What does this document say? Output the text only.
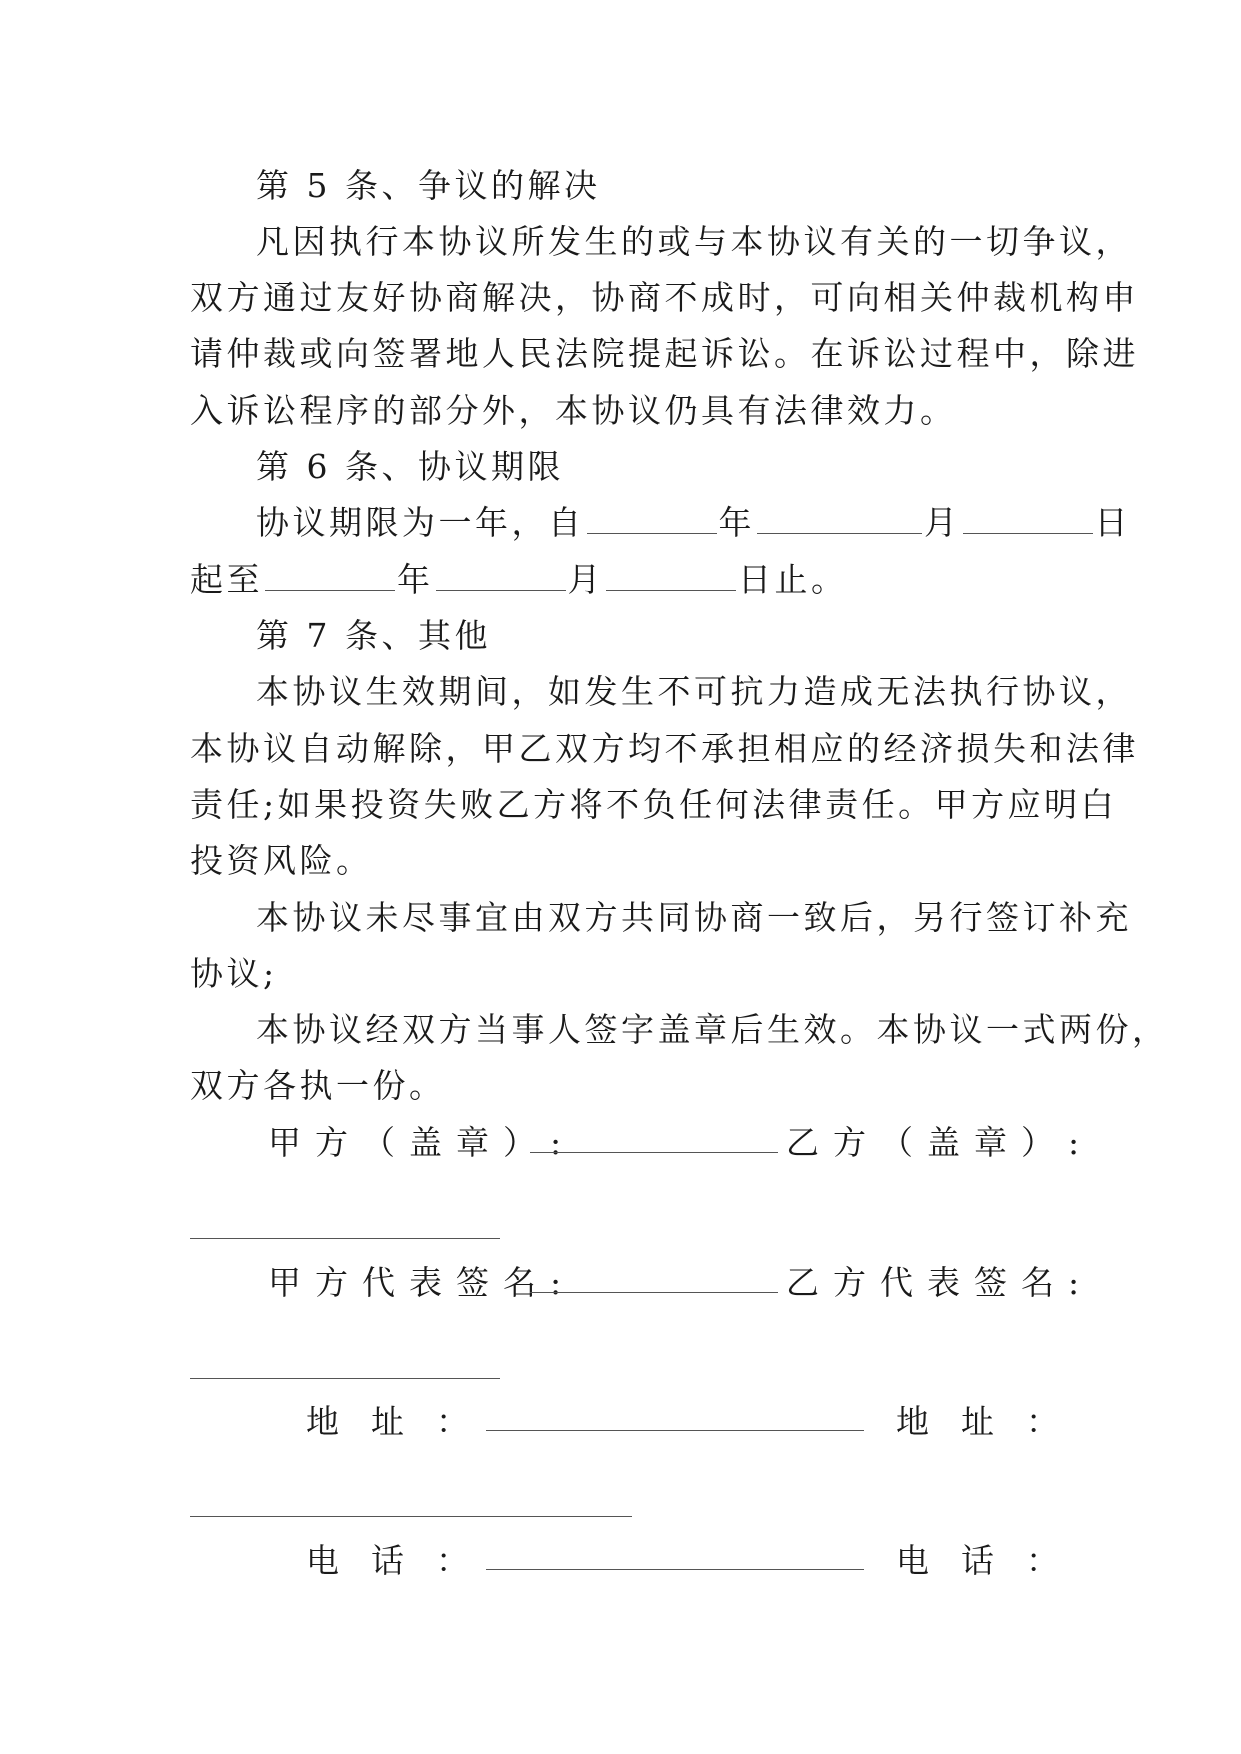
第 5 条、争议的解决
凡因执行本协议所发生的或与本协议有关的一切争议，
双方通过友好协商解决，协商不成时，可向相关仲裁机构申
请仲裁或向签署地人民法院提起诉讼。在诉讼过程中，除进
入诉讼程序的部分外，本协议仍具有法律效力。
第 6 条、协议期限
协议期限为一年，自	年	月	日
起至	年	月	日止。
第 7 条、其他
本协议生效期间，如发生不可抗力造成无法执行协议，
本协议自动解除，甲乙双方均不承担相应的经济损失和法律
责任;如果投资失败乙方将不负任何法律责任。甲方应明白
投资风险。
本协议未尽事宜由双方共同协商一致后，另行签订补充
协议;
本协议经双方当事人签字盖章后生效。本协议一式两份，
双方各执一份。
甲方（盖章）:	乙方（盖章）:
甲方代表签名:	乙方代表签名:
地址：	地址：
电话：	电话：
